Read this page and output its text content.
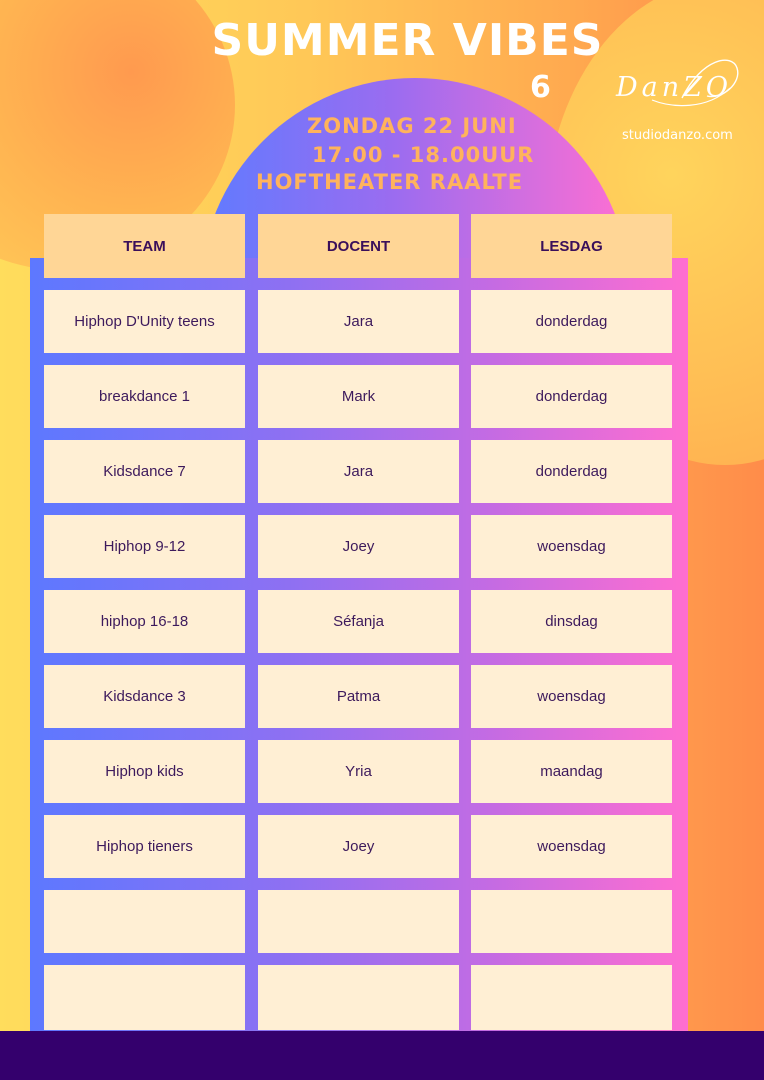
SUMMER VIBES
6 DanZO
studiodanzo.com
ZONDAG 22 JUNI
17.00 - 18.00UUR
HOFTHEATER RAALTE
TEAM	DOCENT	LESDAG
Hiphop D'Unity teens	Jara	donderdag
breakdance 1	Mark	donderdag
Kidsdance 7	Jara	donderdag
Hiphop 9-12	Joey	woensdag
hiphop 16-18	Séfanja	dinsdag
Kidsdance 3	Patma	woensdag
Hiphop kids	Yria	maandag
Hiphop tieners	Joey	woensdag
